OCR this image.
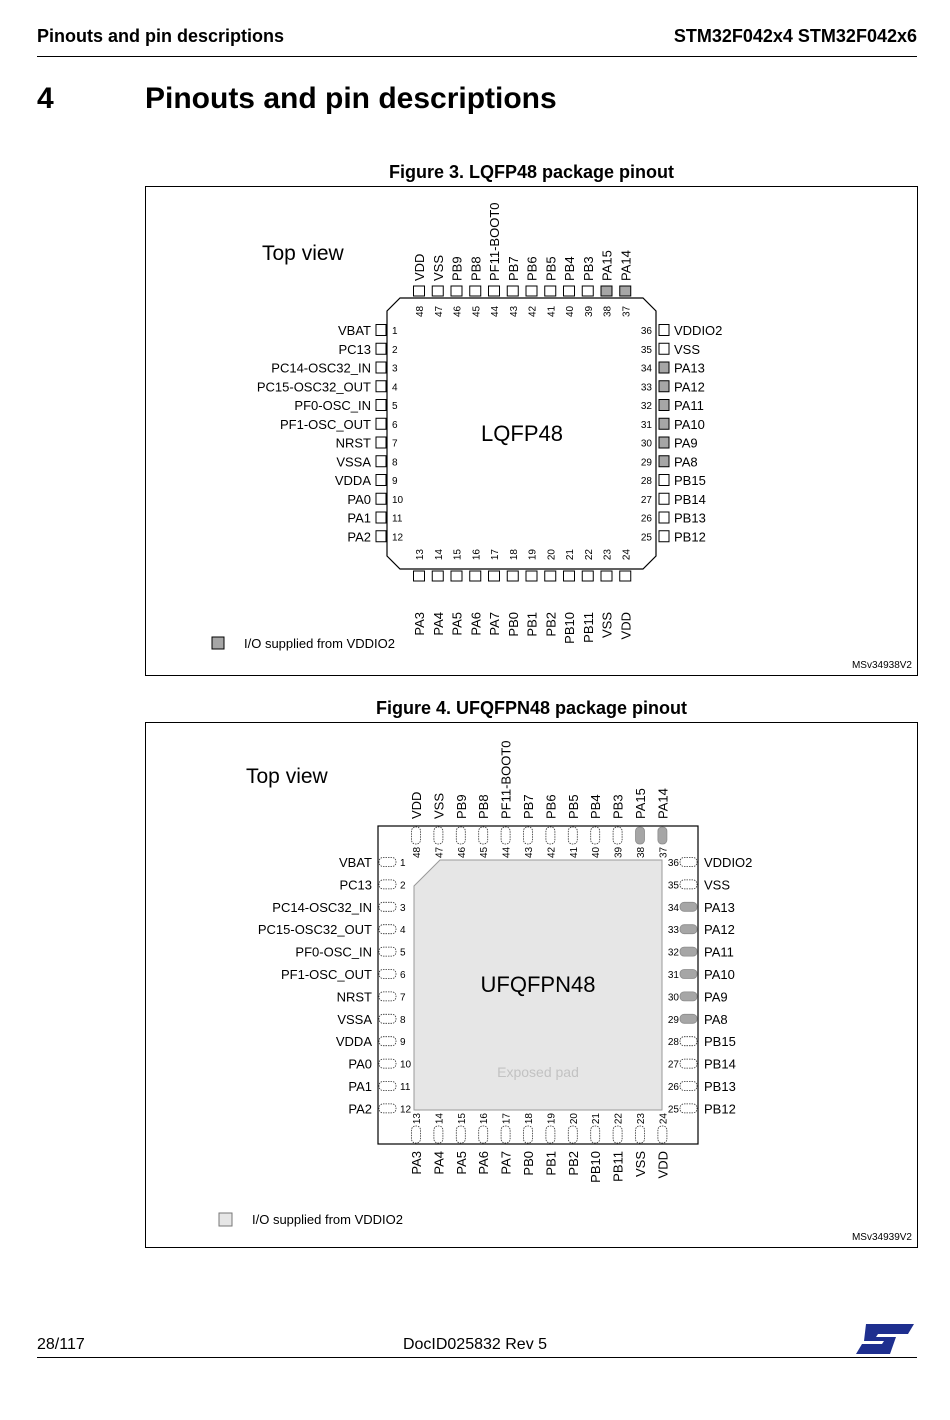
Pinouts and pin descriptions	STM32F042x4 STM32F042x6
4	Pinouts and pin descriptions
Figure 3. LQFP48 package pinout
Top view
LQFP48
VBAT 1
PC13 2
PC14-OSC32_IN 3
PC15-OSC32_OUT 4
PF0-OSC_IN 5
PF1-OSC_OUT 6
NRST 7
VSSA 8
VDDA 9
PA0 10
PA1 11
PA2 12
VDDIO2
36
VSS
35
PA13
34
PA12
33
PA11
32
PA10
31
PA9
30
PA8
29
PB15
28
PB14
27
PB13
26
PB12
25
VDD
48
VSS
47
PB9
46
PB8
45
PF11-BOOT0
44
PB7
43
PB6
42
PB5
41
PB4
40
PB3
39
PA15
38
PA14
37
PA3
13
PA4
14
PA5
15
PA6
16
PA7
17
PB0
18
PB1
19
PB2
20
PB10
21
PB11
22
VSS
23
VDD
24
I/O supplied from VDDIO2
MSv34938V2
Figure 4. UFQFPN48 package pinout
Top view
UFQFPN48
Exposed pad
VBAT	1
PC13	2
PC14-OSC32_IN	3
PC15-OSC32_OUT	4
PF0-OSC_IN	5
PF1-OSC_OUT	6
NRST	7
VSSA	8
VDDA	9
PA0	10
PA1	11
PA2	12
VDDIO2
36
VSS
35
PA13
34
PA12
33
PA11
32
PA10
31
PA9
30
PA8
29
PB15
28
PB14
27
PB13
26
PB12
25
VDD
48
VSS
47
PB9
46
PB8
45
PF11-BOOT0
44
PB7
43
PB6
42
PB5
41
PB4
40
PB3
39
PA15
38
PA14
37
PA3
13
PA4
14
PA5
15
PA6
16
PA7
17
PB0
18
PB1
19
PB2
20
PB10
21
PB11
22
VSS
23
VDD
24
I/O supplied from VDDIO2
MSv34939V2
28/117	DocID025832 Rev 5
